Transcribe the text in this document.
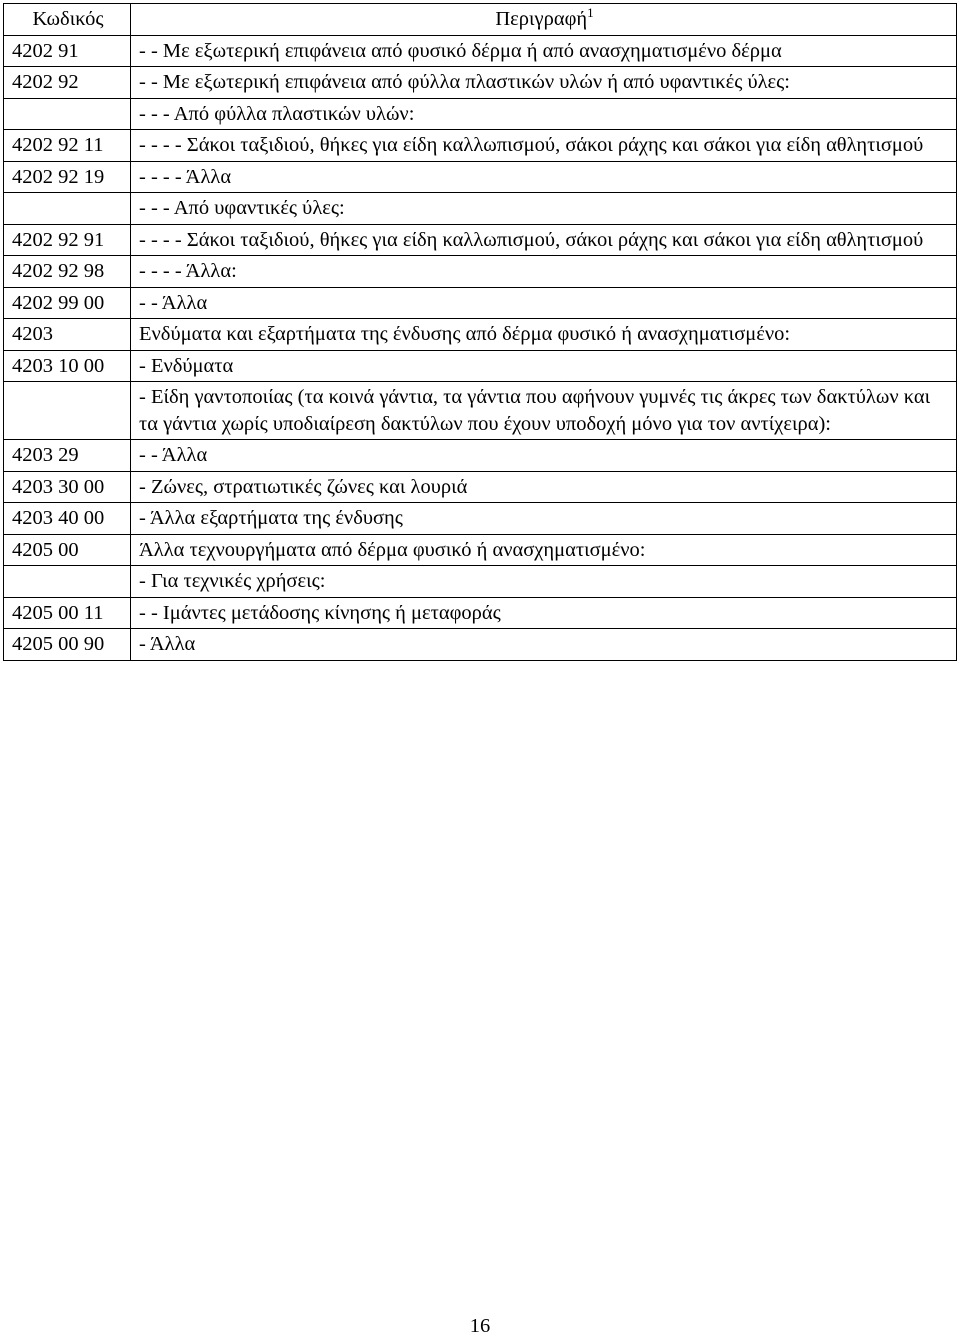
Κωδικός	Περιγραφή$^1$
4202 91	- - Με εξωτερική επιφάνεια από φυσικό δέρμα ή από ανασχηματισμένο δέρμα
4202 92	- - Με εξωτερική επιφάνεια από φύλλα πλαστικών υλών ή από υφαντικές ύλες:
	- - - Από φύλλα πλαστικών υλών:
4202 92 11	- - - - Σάκοι ταξιδιού, θήκες για είδη καλλωπισμού, σάκοι ράχης και σάκοι για είδη αθλητισμού
4202 92 19	- - - - Άλλα
	- - - Από υφαντικές ύλες:
4202 92 91	- - - - Σάκοι ταξιδιού, θήκες για είδη καλλωπισμού, σάκοι ράχης και σάκοι για είδη αθλητισμού
4202 92 98	- - - - Άλλα:
4202 99 00	- - Άλλα
4203	Ενδύματα και εξαρτήματα της ένδυσης από δέρμα φυσικό ή ανασχηματισμένο:
4203 10 00	- Ενδύματα
	- Είδη γαντοποιίας (τα κοινά γάντια, τα γάντια που αφήνουν γυμνές τις άκρες των δακτύλων και τα γάντια χωρίς υποδιαίρεση δακτύλων που έχουν υποδοχή μόνο για τον αντίχειρα):
4203 29	- - Άλλα
4203 30 00	- Ζώνες, στρατιωτικές ζώνες και λουριά
4203 40 00	- Άλλα εξαρτήματα της ένδυσης
4205 00	Άλλα τεχνουργήματα από δέρμα φυσικό ή ανασχηματισμένο:
	- Για τεχνικές χρήσεις:
4205 00 11	- - Ιμάντες μετάδοσης κίνησης ή μεταφοράς
4205 00 90	- Άλλα
16
